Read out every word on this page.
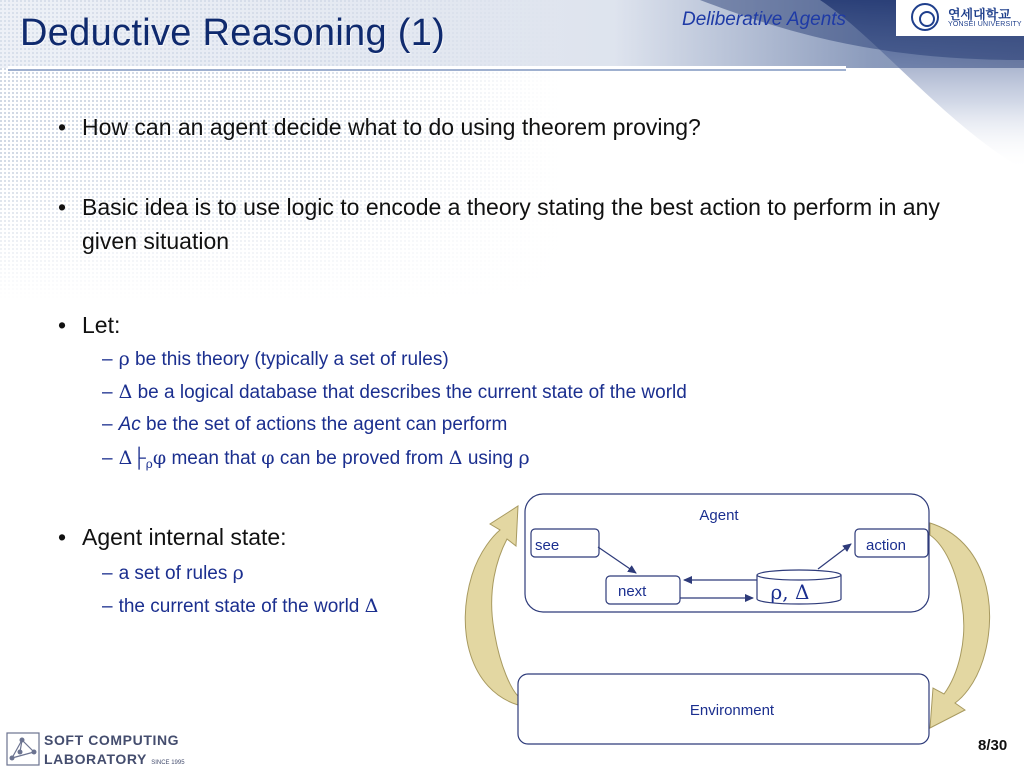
Deductive Reasoning (1)	Deliberative Agents	연세대학교
YONSEI UNIVERSITY
• How can an agent decide what to do using theorem proving?
• Basic idea is to use logic to encode a theory stating the best action to perform in any given situation
• Let:
– ρ be this theory (typically a set of rules)
– Δ be a logical database that describes the current state of the world
– Ac be the set of actions the agent can perform
– $\Delta├_\rho\varphi$ mean that φ can be proved from Δ using ρ
• Agent internal state:
– a set of rules ρ
– the current state of the world Δ
Agent
see	action
next	ρ, Δ
Environment
SOFT COMPUTING
LABORATORY SINCE 1995
8/30
